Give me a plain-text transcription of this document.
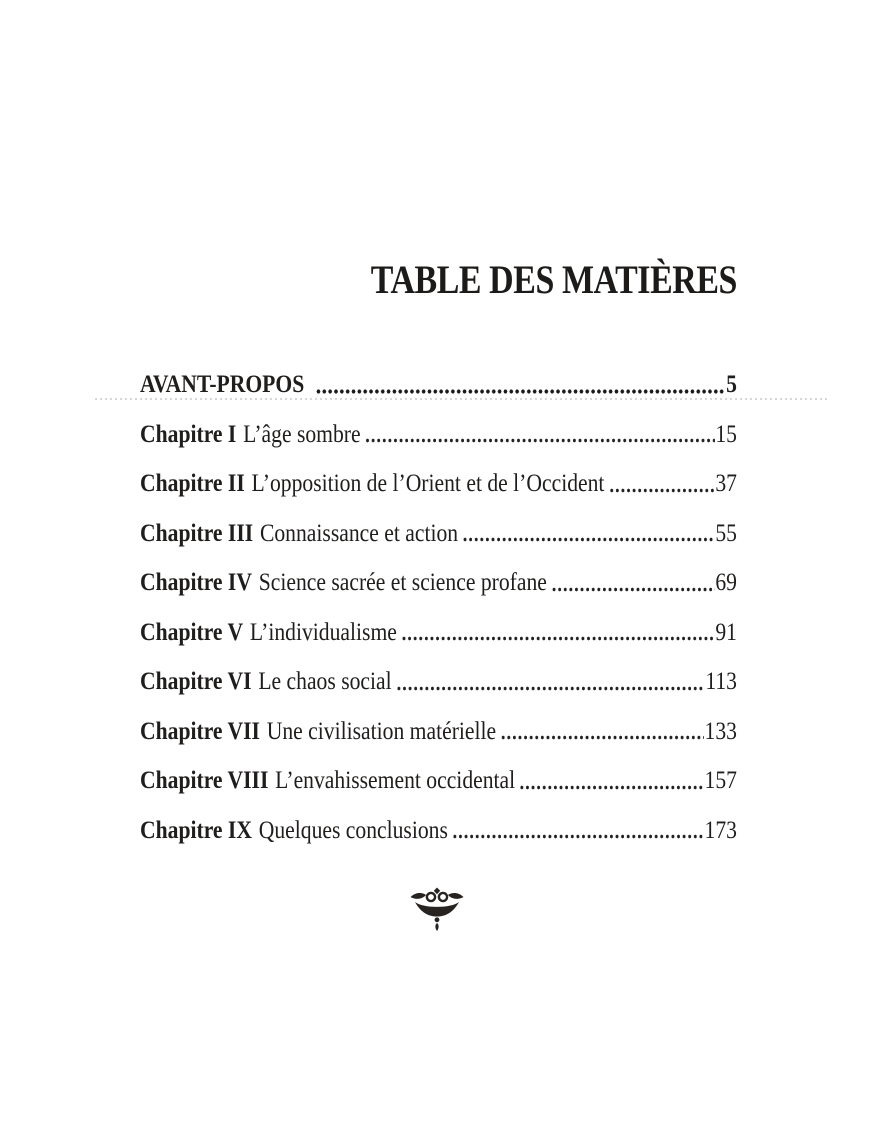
TABLE DES MATIÈRES
AVANT-PROPOS	5
Chapitre I L’âge sombre	15
Chapitre II L’opposition de l’Orient et de l’Occident	37
Chapitre III Connaissance et action	55
Chapitre IV Science sacrée et science profane	69
Chapitre V L’individualisme	91
Chapitre VI Le chaos social	113
Chapitre VII Une civilisation matérielle	133
Chapitre VIII L’envahissement occidental	157
Chapitre IX Quelques conclusions	173
